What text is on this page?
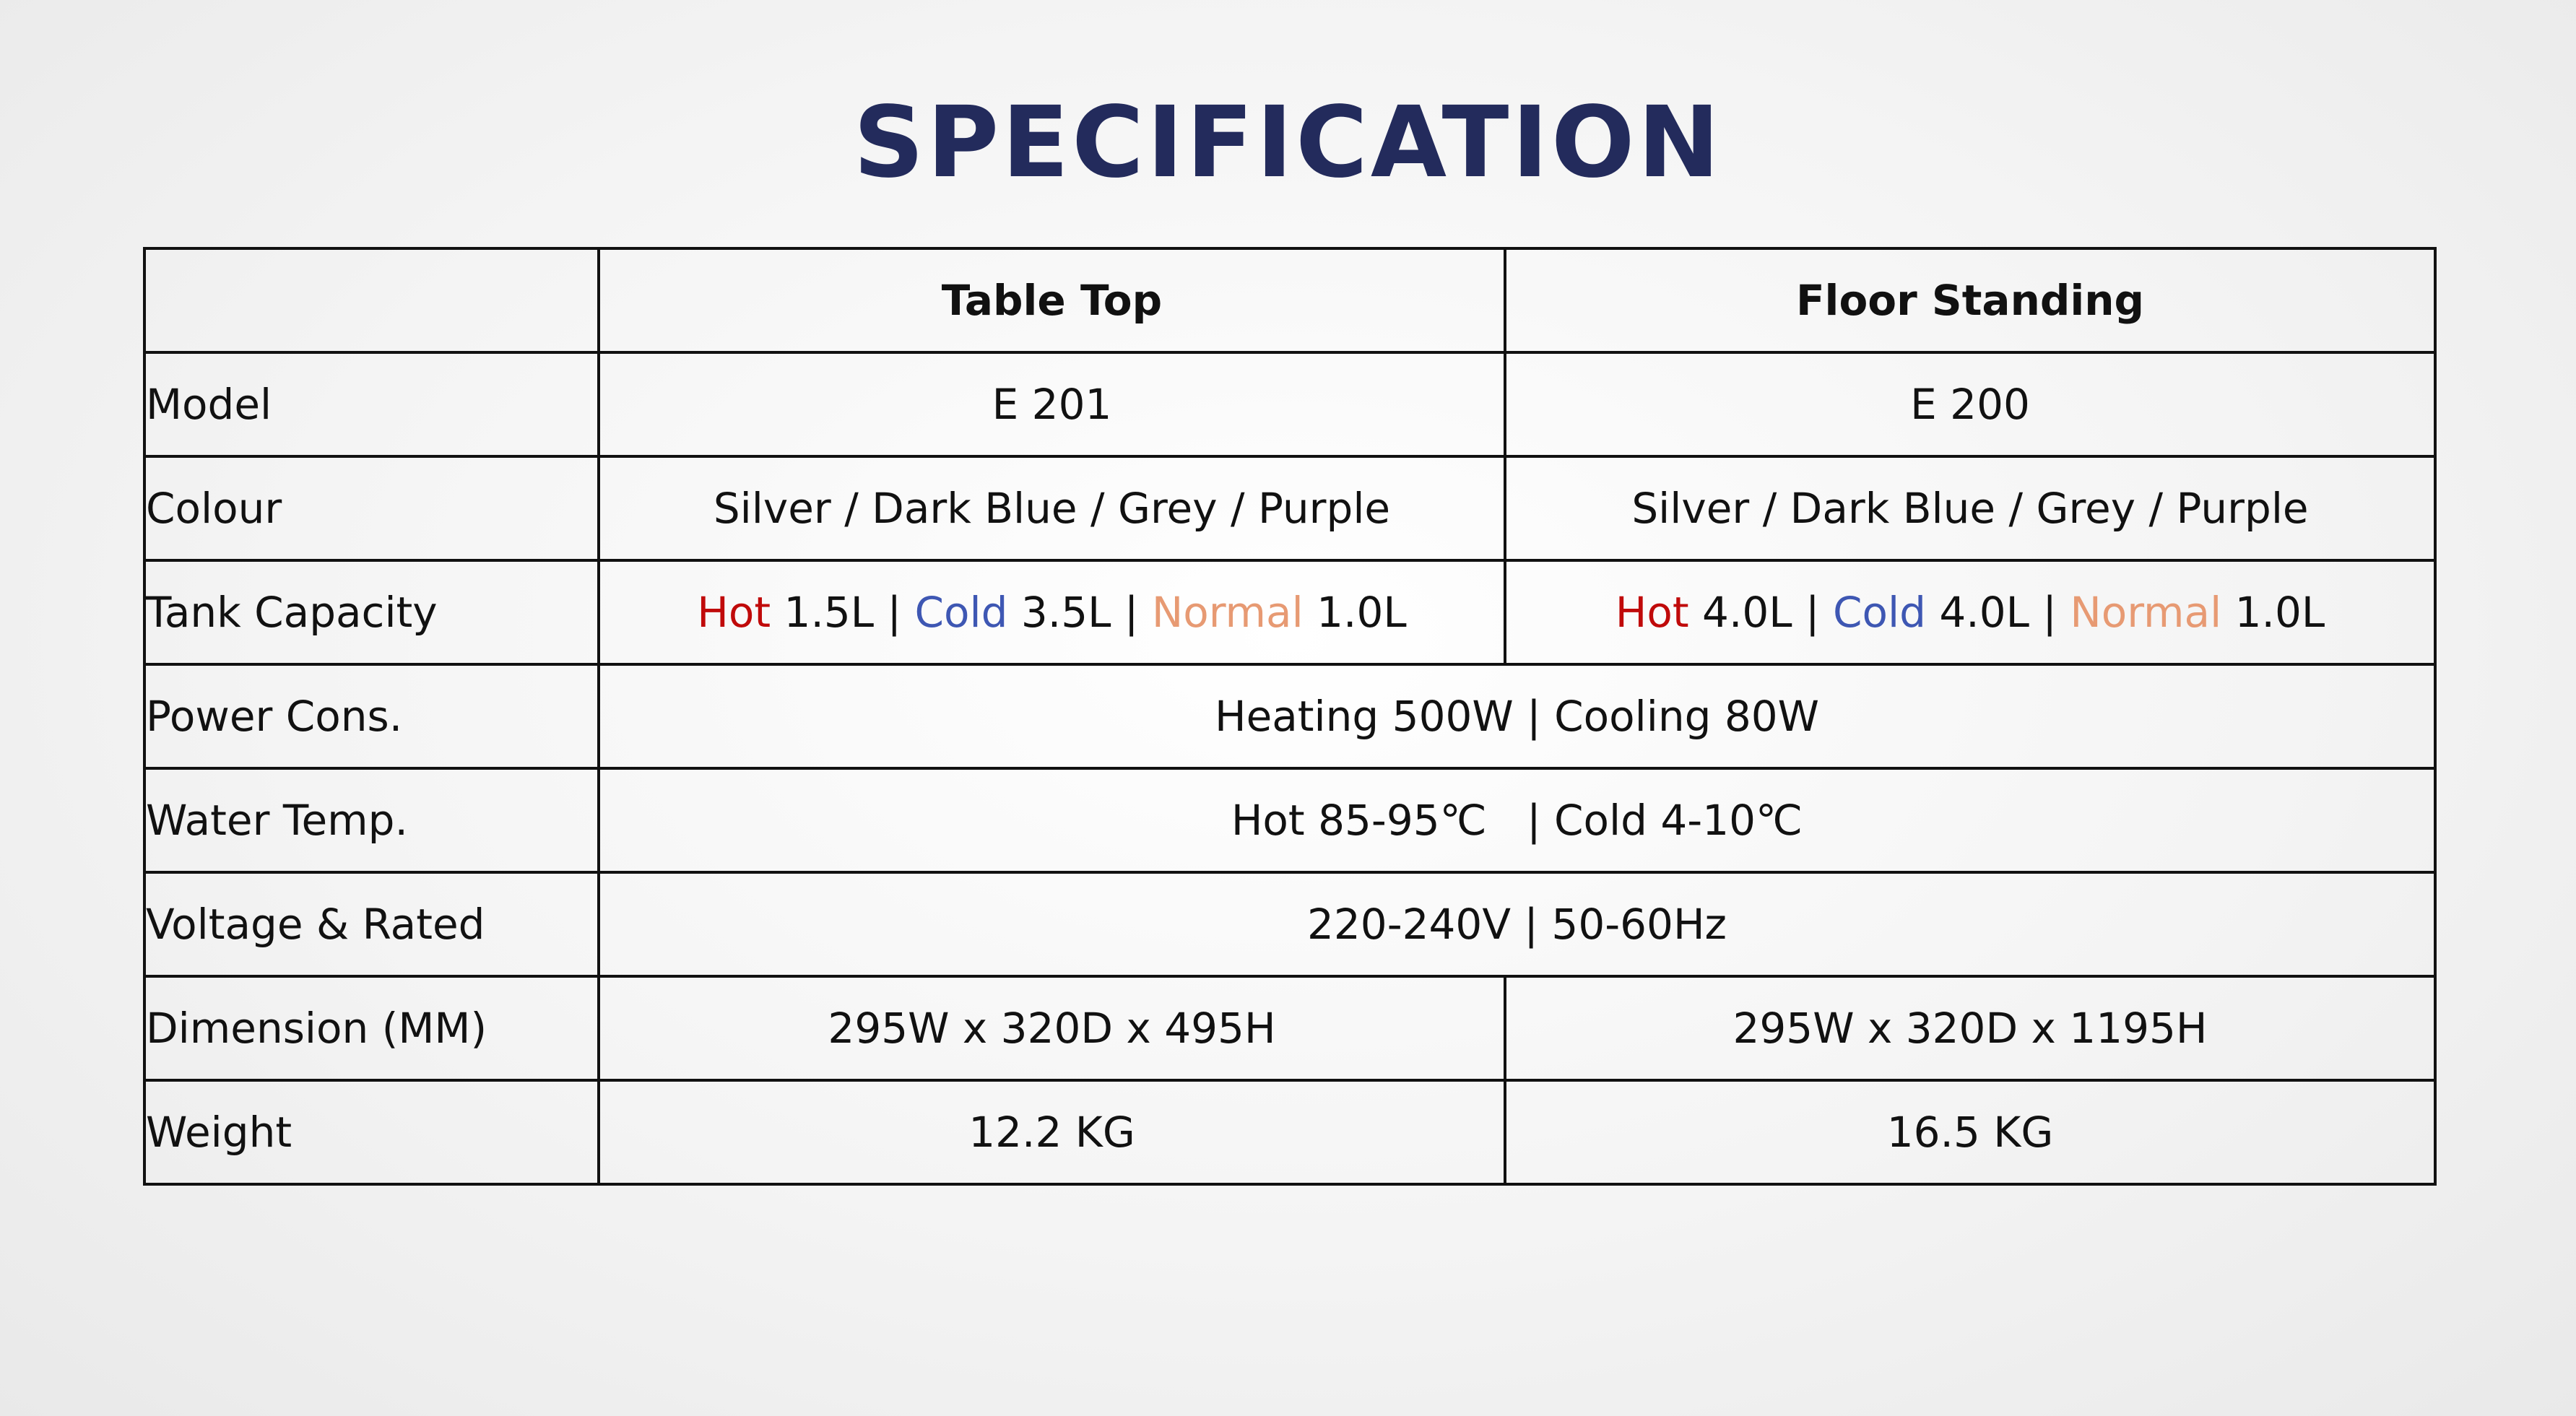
SPECIFICATION
	Table Top	Floor Standing
Model	E 201	E 200
Colour	Silver / Dark Blue / Grey / Purple	Silver / Dark Blue / Grey / Purple
Tank Capacity	Hot 1.5L | Cold 3.5L | Normal 1.0L	Hot 4.0L | Cold 4.0L | Normal 1.0L
Power Cons.	Heating 500W | Cooling 80W	
Water Temp.	Hot 85-95℃   | Cold 4-10℃	
Voltage & Rated	220-240V | 50-60Hz	
Dimension (MM)	295W x 320D x 495H	295W x 320D x 1195H
Weight	12.2 KG	16.5 KG
